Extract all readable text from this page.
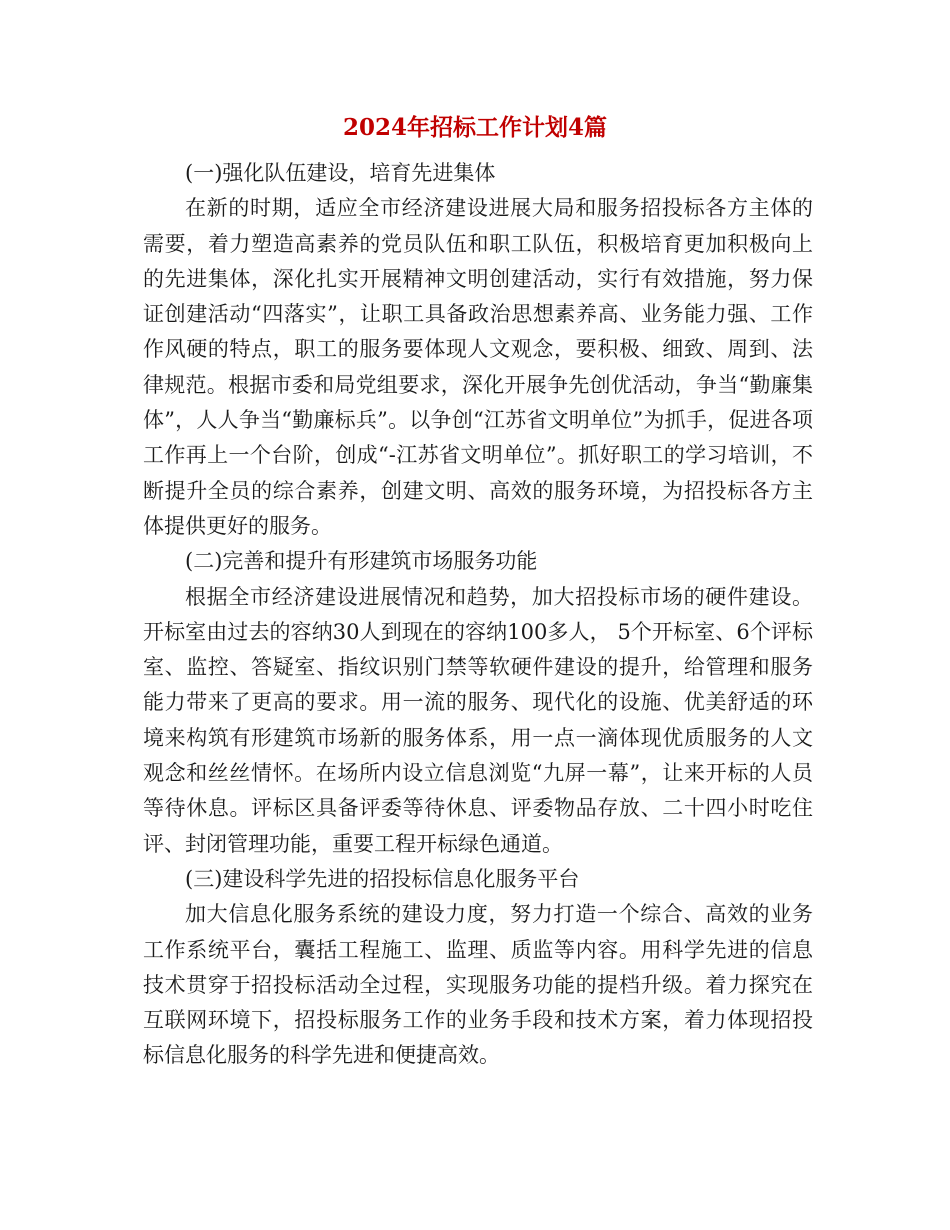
2024年招标工作计划4篇

(一)强化队伍建设，培育先进集体

在新的时期，适应全市经济建设进展大局和服务招投标各方主体的需要，着力塑造高素养的党员队伍和职工队伍，积极培育更加积极向上的先进集体，深化扎实开展精神文明创建活动，实行有效措施，努力保证创建活动“四落实”，让职工具备政治思想素养高、业务能力强、工作作风硬的特点，职工的服务要体现人文观念，要积极、细致、周到、法律规范。根据市委和局党组要求，深化开展争先创优活动，争当“勤廉集体”，人人争当“勤廉标兵”。以争创“江苏省文明单位”为抓手，促进各项工作再上一个台阶，创成“-江苏省文明单位”。抓好职工的学习培训，不断提升全员的综合素养，创建文明、高效的服务环境，为招投标各方主体提供更好的服务。

(二)完善和提升有形建筑市场服务功能

根据全市经济建设进展情况和趋势，加大招投标市场的硬件建设。开标室由过去的容纳30人到现在的容纳100多人， 5个开标室、6个评标室、监控、答疑室、指纹识别门禁等软硬件建设的提升，给管理和服务能力带来了更高的要求。用一流的服务、现代化的设施、优美舒适的环境来构筑有形建筑市场新的服务体系，用一点一滴体现优质服务的人文观念和丝丝情怀。在场所内设立信息浏览“九屏一幕”，让来开标的人员等待休息。评标区具备评委等待休息、评委物品存放、二十四小时吃住评、封闭管理功能，重要工程开标绿色通道。

(三)建设科学先进的招投标信息化服务平台

加大信息化服务系统的建设力度，努力打造一个综合、高效的业务工作系统平台，囊括工程施工、监理、质监等内容。用科学先进的信息技术贯穿于招投标活动全过程，实现服务功能的提档升级。着力探究在互联网环境下，招投标服务工作的业务手段和技术方案，着力体现招投标信息化服务的科学先进和便捷高效。
